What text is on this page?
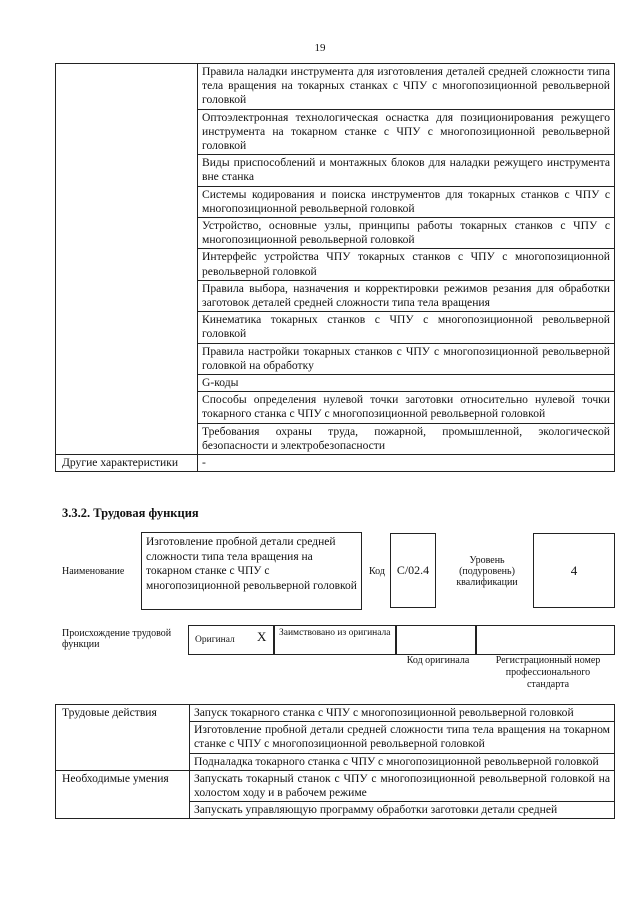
19
	Правила наладки инструмента для изготовления деталей средней сложности типа тела вращения на токарных станках с ЧПУ с многопозиционной револьверной головкой
	Оптоэлектронная технологическая оснастка для позиционирования режущего инструмента на токарном станке с ЧПУ с многопозиционной револьверной головкой
	Виды приспособлений и монтажных блоков для наладки режущего инструмента вне станка
	Системы кодирования и поиска инструментов для токарных станков с ЧПУ с многопозиционной револьверной головкой
	Устройство, основные узлы, принципы работы токарных станков с ЧПУ с многопозиционной револьверной головкой
	Интерфейс устройства ЧПУ токарных станков с ЧПУ с многопозиционной револьверной головкой
	Правила выбора, назначения и корректировки режимов резания для обработки заготовок деталей средней сложности типа тела вращения
	Кинематика токарных станков с ЧПУ с многопозиционной револьверной головкой
	Правила настройки токарных станков с ЧПУ с многопозиционной револьверной головкой на обработку
	G-коды
	Способы определения нулевой точки заготовки относительно нулевой точки токарного станка с ЧПУ с многопозиционной револьверной головкой
	Требования охраны труда, пожарной, промышленной, экологической безопасности и электробезопасности
Другие характеристики	-
3.3.2. Трудовая функция
Наименование
Изготовление пробной детали средней сложности типа тела вращения на токарном станке с ЧПУ с многопозиционной револьверной головкой
Код C/02.4
Уровень (подуровень) квалификации
4
Происхождение трудовой функции	Оригинал X	Заимствовано из оригинала
Код оригинала	Регистрационный номер профессионального стандарта
Трудовые действия	Запуск токарного станка с ЧПУ с многопозиционной револьверной головкой
	Изготовление пробной детали средней сложности типа тела вращения на токарном станке с ЧПУ с многопозиционной револьверной головкой
	Подналадка токарного станка с ЧПУ с многопозиционной револьверной головкой
Необходимые умения	Запускать токарный станок с ЧПУ с многопозиционной револьверной головкой на холостом ходу и в рабочем режиме
	Запускать управляющую программу обработки заготовки детали средней
